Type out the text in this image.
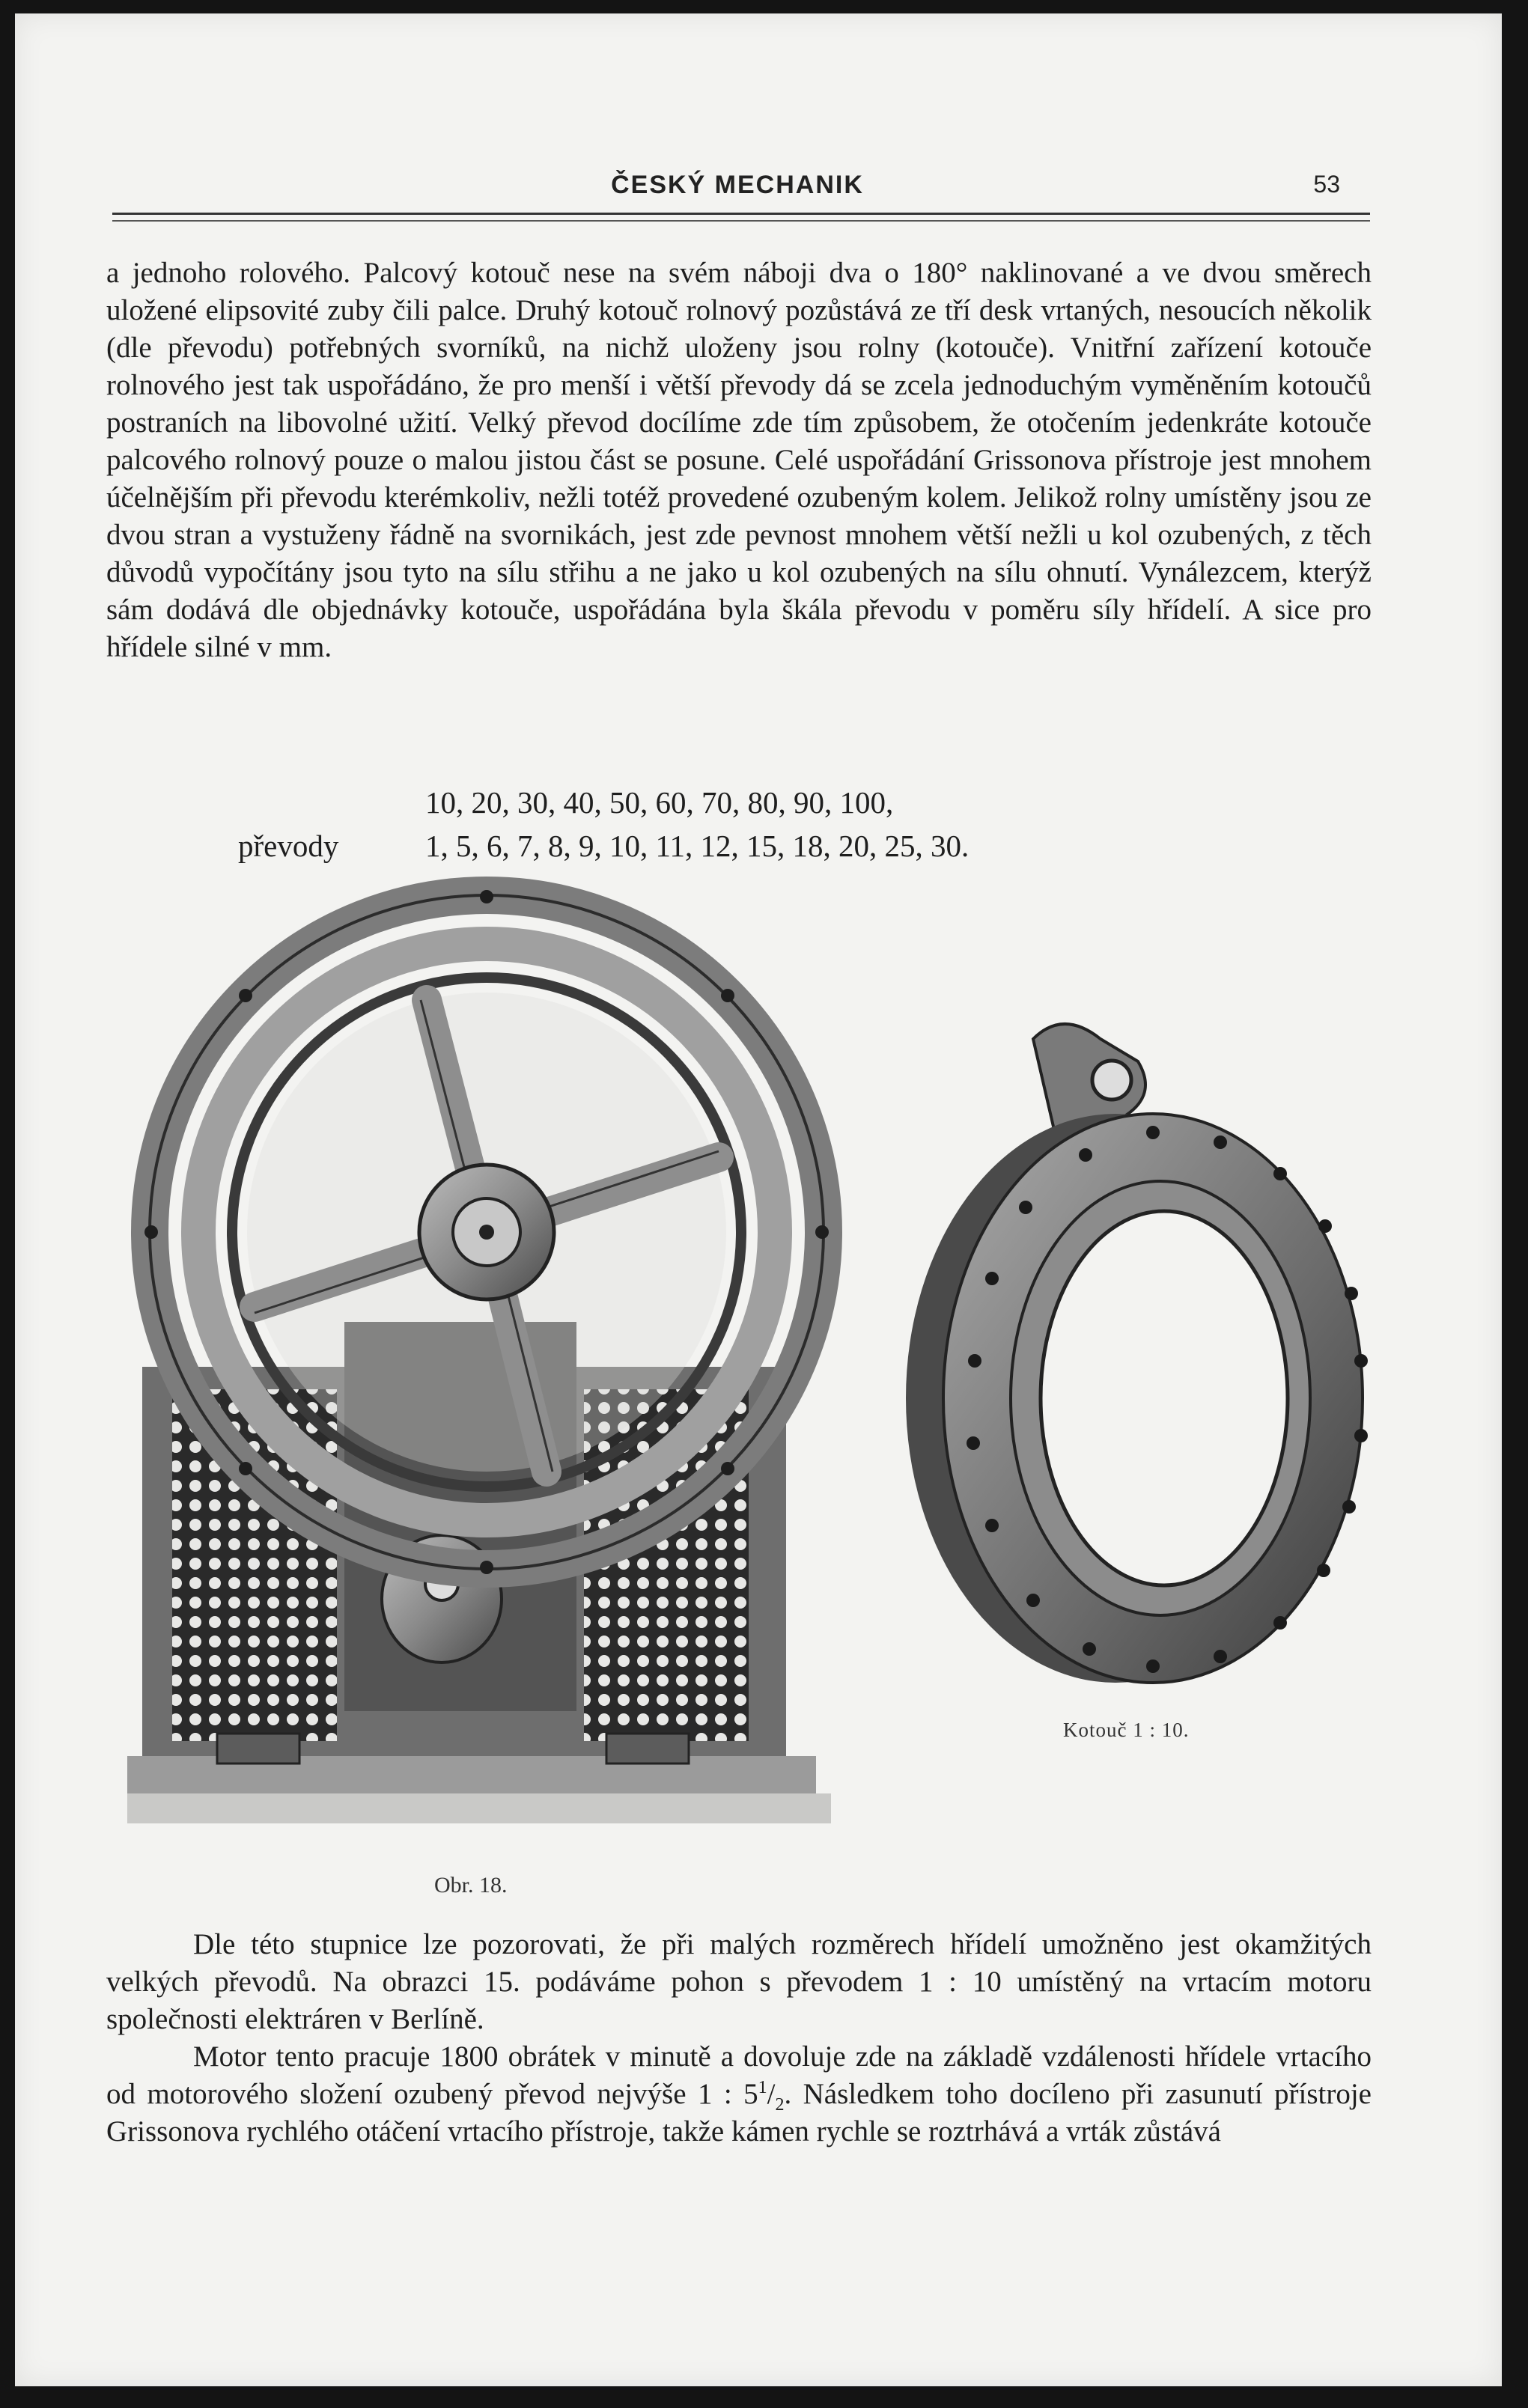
ČESKÝ MECHANIK	53

a jednoho rolového. Palcový kotouč nese na svém náboji dva o 180° naklinované a ve dvou směrech uložené elipsovité zuby čili palce. Druhý kotouč rolnový pozůstává ze tří desk vrtaných, nesoucích několik (dle převodu) potřebných svorníků, na nichž uloženy jsou rolny (kotouče). Vnitřní zařízení kotouče rolnového jest tak uspořádáno, že pro menší i větší převody dá se zcela jednoduchým vyměněním kotoučů postraních na libovolné užití. Velký převod docílíme zde tím způsobem, že otočením jedenkráte kotouče palcového rolnový pouze o malou jistou část se posune. Celé uspořádání Grissonova přístroje jest mnohem účelnějším při převodu kterémkoliv, nežli totéž provedené ozubeným kolem. Jelikož rolny umístěny jsou ze dvou stran a vystuženy řádně na svornikách, jest zde pevnost mnohem větší nežli u kol ozubených, z těch důvodů vypočítány jsou tyto na sílu střihu a ne jako u kol ozubených na sílu ohnutí. Vynálezcem, kterýž sám dodává dle objednávky kotouče, uspořádána byla škála převodu v poměru síly hřídelí. A sice pro hřídele silné v mm.

10, 20, 30, 40, 50, 60, 70, 80, 90, 100,
převody	1, 5, 6, 7, 8, 9, 10, 11, 12, 15, 18, 20, 25, 30.
Kotouč 1 : 10.
Obr. 18.

Dle této stupnice lze pozorovati, že při malých rozměrech hřídelí umožněno jest okamžitých velkých převodů. Na obrazci 15. podáváme pohon s převodem 1 : 10 umístěný na vrtacím motoru společnosti elektráren v Berlíně.

Motor tento pracuje 1800 obrátek v minutě a dovoluje zde na základě vzdálenosti hřídele vrtacího od motorového složení ozubený převod nejvýše 1 : $5^1/_2$. Následkem toho docíleno při zasunutí přístroje Grissonova rychlého otáčení vrtacího přístroje, takže kámen rychle se roztrhává a vrták zůstává
